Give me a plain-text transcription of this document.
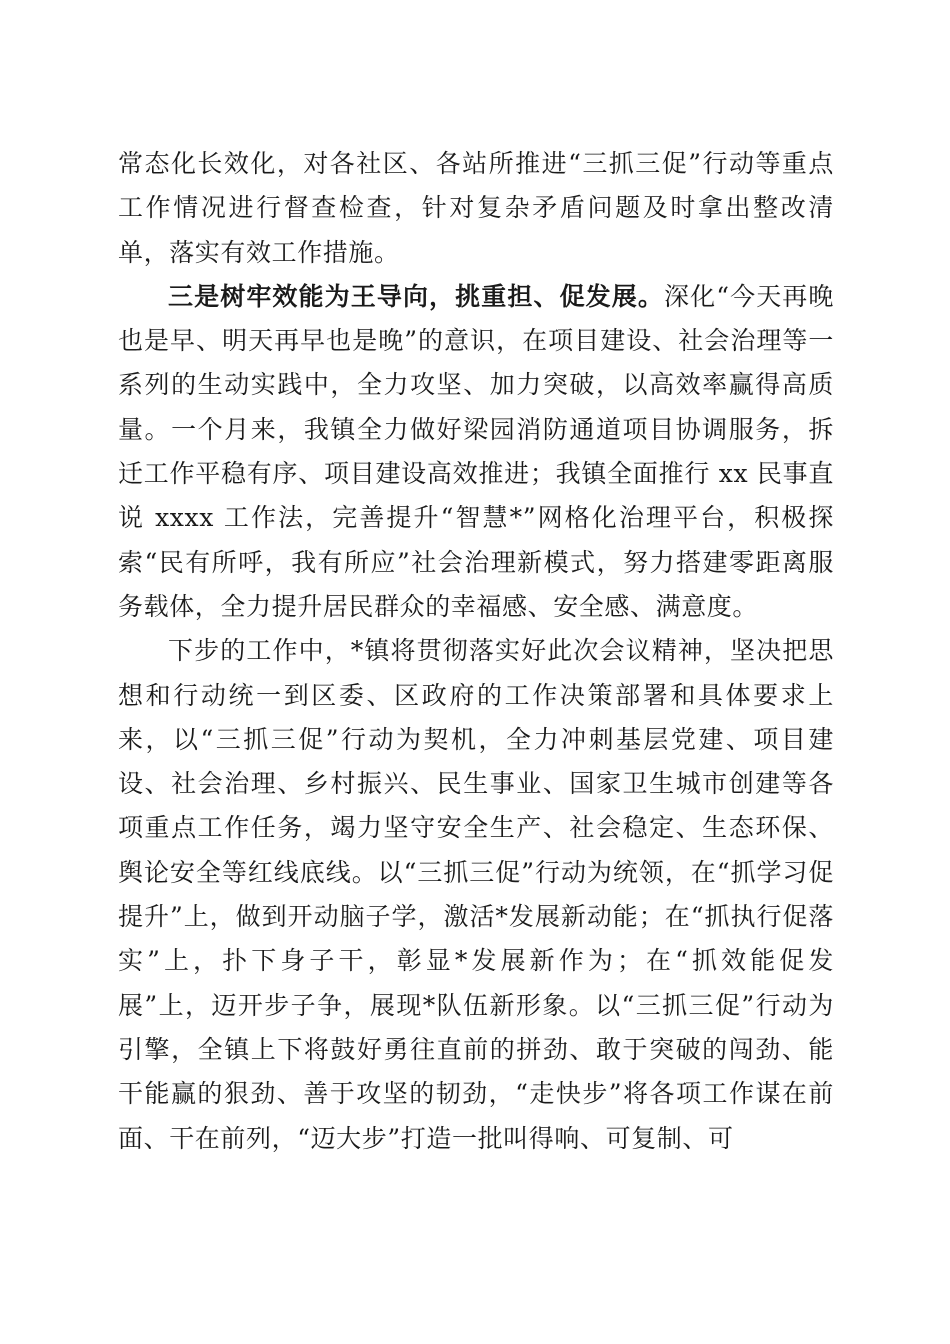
常态化长效化，对各社区、各站所推进“三抓三促”行动等重点工作情况进行督查检查，针对复杂矛盾问题及时拿出整改清单，落实有效工作措施。

三是树牢效能为王导向，挑重担、促发展。深化“今天再晚也是早、明天再早也是晚”的意识，在项目建设、社会治理等一系列的生动实践中，全力攻坚、加力突破，以高效率赢得高质量。一个月来，我镇全力做好梁园消防通道项目协调服务，拆迁工作平稳有序、项目建设高效推进；我镇全面推行 xx 民事直说 xxxx 工作法，完善提升“智慧*”网格化治理平台，积极探索“民有所呼，我有所应”社会治理新模式，努力搭建零距离服务载体，全力提升居民群众的幸福感、安全感、满意度。

下步的工作中，*镇将贯彻落实好此次会议精神，坚决把思想和行动统一到区委、区政府的工作决策部署和具体要求上来，以“三抓三促”行动为契机，全力冲刺基层党建、项目建设、社会治理、乡村振兴、民生事业、国家卫生城市创建等各项重点工作任务，竭力坚守安全生产、社会稳定、生态环保、舆论安全等红线底线。以“三抓三促”行动为统领，在“抓学习促提升”上，做到开动脑子学，激活*发展新动能；在“抓执行促落实”上，扑下身子干，彰显*发展新作为；在“抓效能促发展”上，迈开步子争，展现*队伍新形象。以“三抓三促”行动为引擎，全镇上下将鼓好勇往直前的拼劲、敢于突破的闯劲、能干能赢的狠劲、善于攻坚的韧劲，“走快步”将各项工作谋在前面、干在前列，“迈大步”打造一批叫得响、可复制、可
